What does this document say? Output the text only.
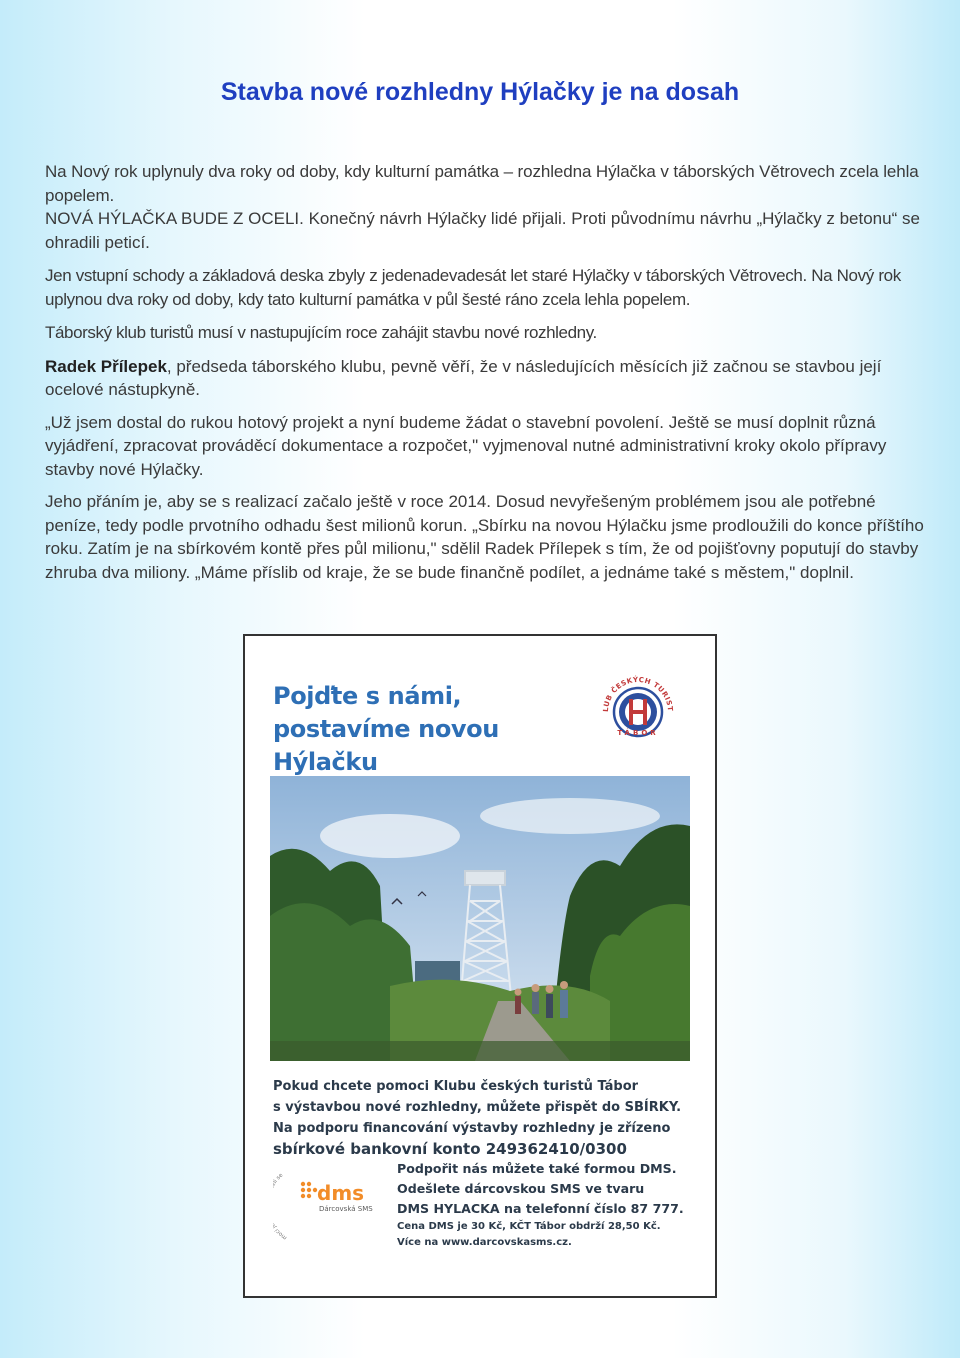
Stavba nové rozhledny Hýlačky je na dosah

Na Nový rok uplynuly dva roky od doby, kdy kulturní památka – rozhledna Hýlačka v táborských Větrovech zcela lehla popelem.

NOVÁ HÝLAČKA BUDE Z OCELI. Konečný návrh Hýlačky lidé přijali. Proti původnímu návrhu „Hýlačky z betonu“ se ohradili peticí.

Jen vstupní schody a základová deska zbyly z jedenadevadesát let staré Hýlačky v táborských Větrovech. Na Nový rok uplynou dva roky od doby, kdy tato kulturní památka v půl šesté ráno zcela lehla popelem.

Táborský klub turistů musí v nastupujícím roce zahájit stavbu nové rozhledny.

Radek Přílepek, předseda táborského klubu, pevně věří, že v následujících měsících již začnou se stavbou její ocelové nástupkyně.

„Už jsem dostal do rukou hotový projekt a nyní budeme žádat o stavební povolení. Ještě se musí doplnit různá vyjádření, zpracovat prováděcí dokumentace a rozpočet," vyjmenoval nutné administrativní kroky okolo přípravy stavby nové Hýlačky.

Jeho přáním je, aby se s realizací začalo ještě v roce 2014. Dosud nevyřešeným problémem jsou ale potřebné peníze, tedy podle prvotního odhadu šest milionů korun. „Sbírku na novou Hýlačku jsme prodloužili do konce příštího roku. Zatím je na sbírkovém kontě přes půl milionu," sdělil Radek Přílepek s tím, že od pojišťovny poputují do stavby zhruba dva miliony. „Máme příslib od kraje, že se bude finančně podílet, a jednáme také s městem," doplnil.

Pojďte s námi,
postavíme novou Hýlačku
LUB ČESKÝCH TURIST
TÁBOR
Pokud chcete pomoci Klubu českých turistů Tábor
s výstavbou nové rozhledny, můžete přispět do SBÍRKY.
Na podporu financování výstavby rozhledny je zřízeno
sbírkové bankovní konto 249362410/0300
dms
Dárcovská SMS
moci i se	Podpořit nás můžete také formou DMS.
Odešlete dárcovskou SMS ve tvaru
DMS HYLACKA na telefonní číslo 87 777.
Cena DMS je 30 Kč, KČT Tábor obdrží 28,50 Kč.
Více na www.darcovskasms.cz.
